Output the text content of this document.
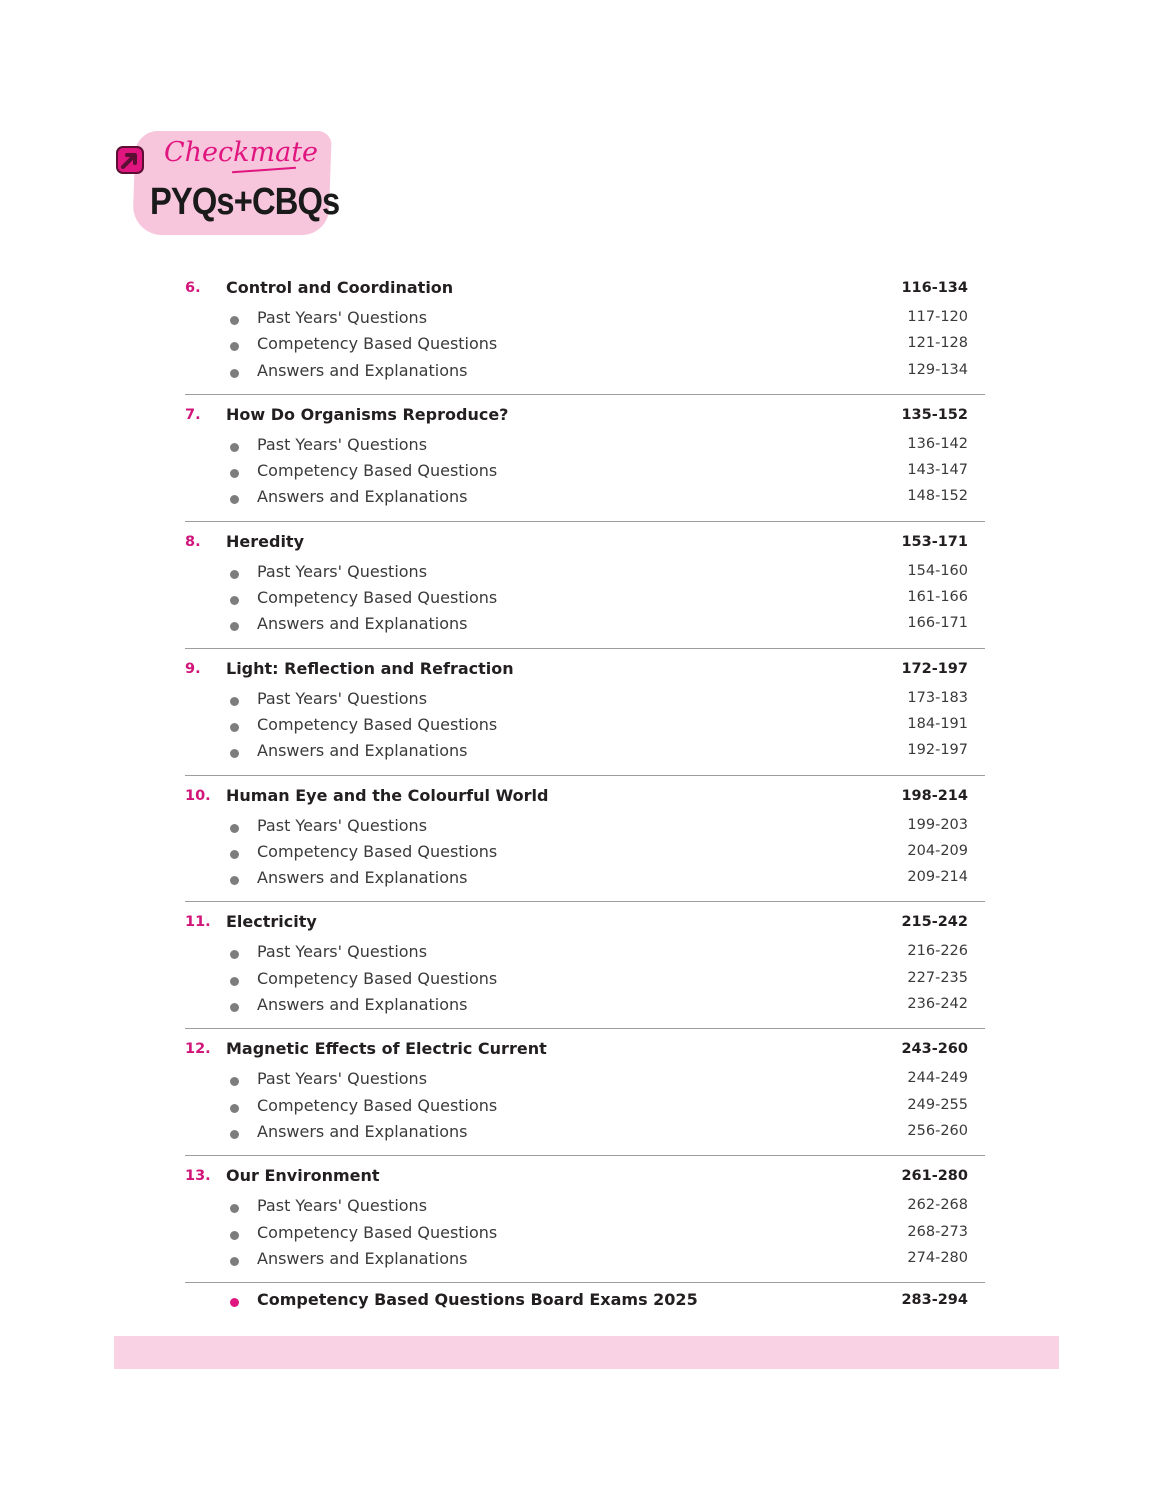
Checkmate
PYQs+CBQs
6. Control and Coordination	116-134
Past Years' Questions	117-120
Competency Based Questions	121-128
Answers and Explanations	129-134
7. How Do Organisms Reproduce?	135-152
Past Years' Questions	136-142
Competency Based Questions	143-147
Answers and Explanations	148-152
8. Heredity	153-171
Past Years' Questions	154-160
Competency Based Questions	161-166
Answers and Explanations	166-171
9. Light: Reflection and Refraction	172-197
Past Years' Questions	173-183
Competency Based Questions	184-191
Answers and Explanations	192-197
10. Human Eye and the Colourful World	198-214
Past Years' Questions	199-203
Competency Based Questions	204-209
Answers and Explanations	209-214
11. Electricity	215-242
Past Years' Questions	216-226
Competency Based Questions	227-235
Answers and Explanations	236-242
12. Magnetic Effects of Electric Current	243-260
Past Years' Questions	244-249
Competency Based Questions	249-255
Answers and Explanations	256-260
13. Our Environment	261-280
Past Years' Questions	262-268
Competency Based Questions	268-273
Answers and Explanations	274-280
Competency Based Questions Board Exams 2025	283-294
